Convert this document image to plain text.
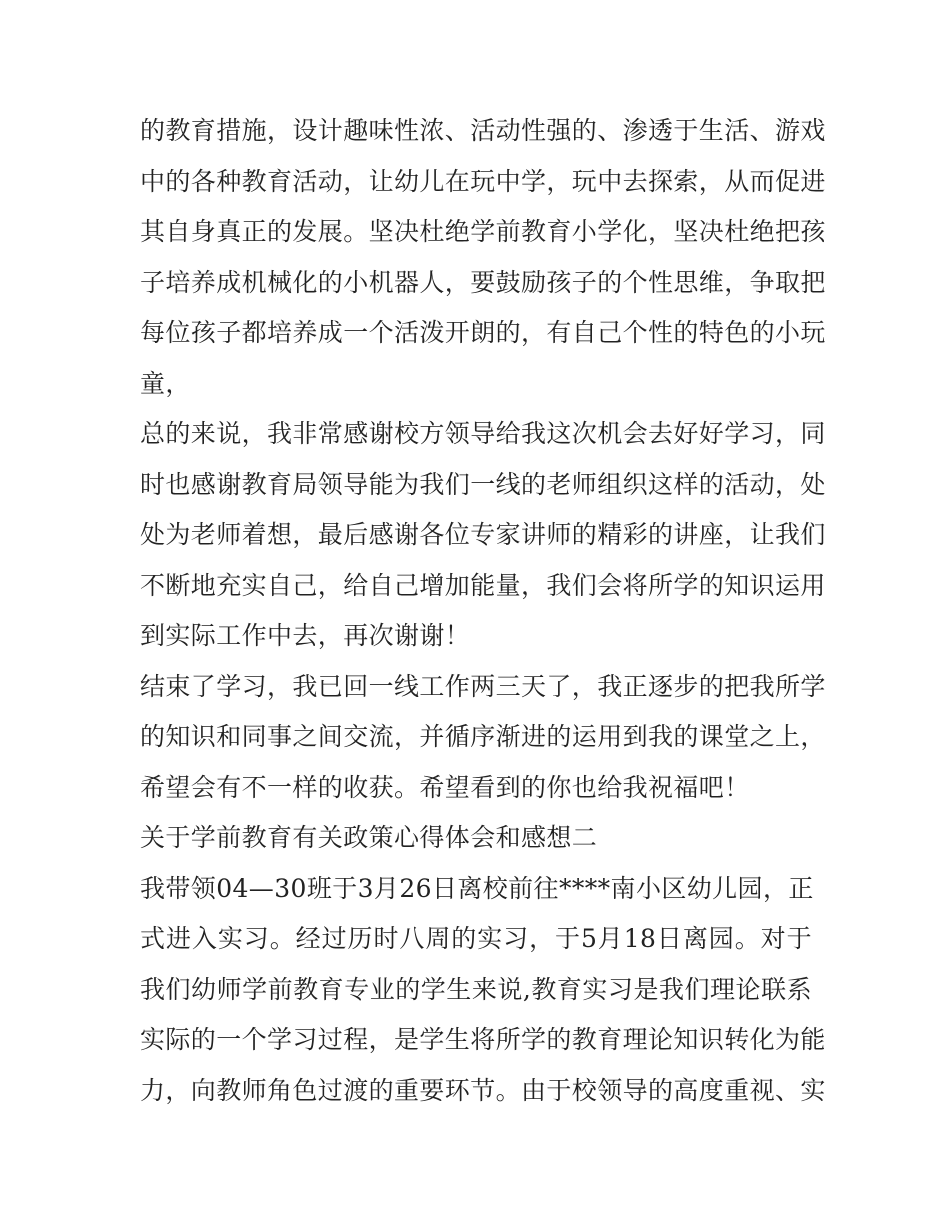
的教育措施，设计趣味性浓、活动性强的、渗透于生活、游戏
中的各种教育活动，让幼儿在玩中学，玩中去探索，从而促进
其自身真正的发展。坚决杜绝学前教育小学化，坚决杜绝把孩
子培养成机械化的小机器人，要鼓励孩子的个性思维，争取把
每位孩子都培养成一个活泼开朗的，有自己个性的特色的小玩
童，
总的来说，我非常感谢校方领导给我这次机会去好好学习，同
时也感谢教育局领导能为我们一线的老师组织这样的活动，处
处为老师着想，最后感谢各位专家讲师的精彩的讲座，让我们
不断地充实自己，给自己增加能量，我们会将所学的知识运用
到实际工作中去，再次谢谢！
结束了学习，我已回一线工作两三天了，我正逐步的把我所学
的知识和同事之间交流，并循序渐进的运用到我的课堂之上，
希望会有不一样的收获。希望看到的你也给我祝福吧！
关于学前教育有关政策心得体会和感想二
我带领04—30班于3月26日离校前往****南小区幼儿园，正
式进入实习。经过历时八周的实习，于5月18日离园。对于
我们幼师学前教育专业的学生来说,教育实习是我们理论联系
实际的一个学习过程，是学生将所学的教育理论知识转化为能
力，向教师角色过渡的重要环节。由于校领导的高度重视、实
